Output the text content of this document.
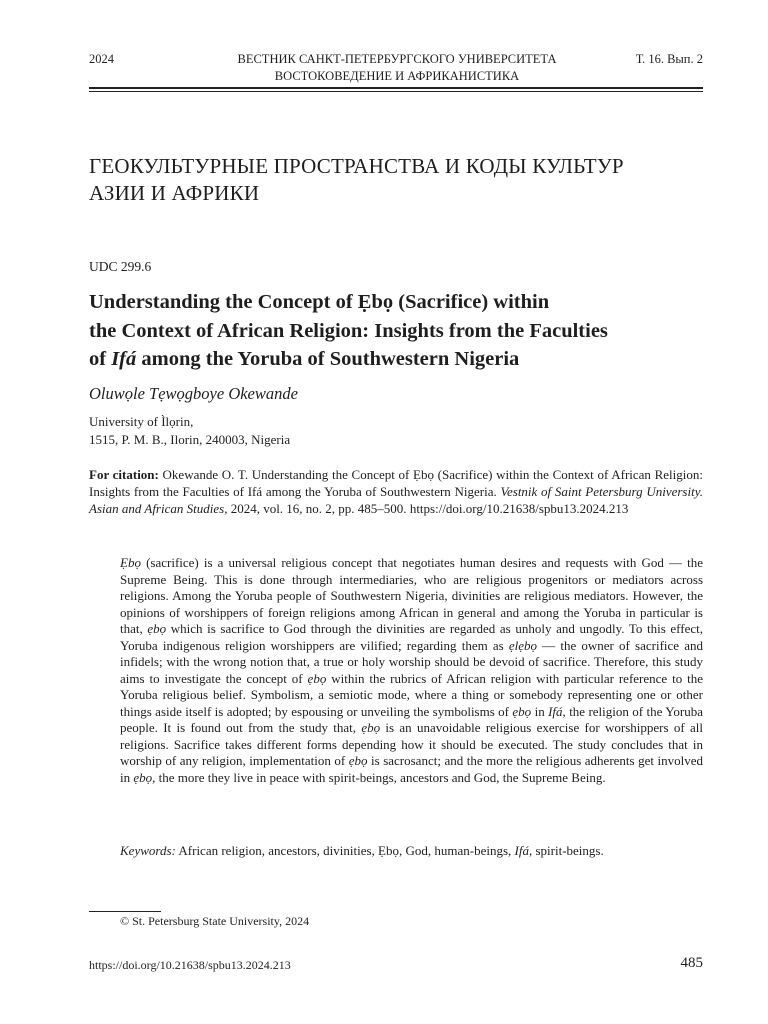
2024	ВЕСТНИК САНКТ-ПЕТЕРБУРГСКОГО УНИВЕРСИТЕТА
ВОСТОКОВЕДЕНИЕ И АФРИКАНИСТИКА
Т. 16. Вып. 2
ГЕОКУЛЬТУРНЫЕ ПРОСТРАНСТВА И КОДЫ КУЛЬТУР
АЗИИ И АФРИКИ
UDC 299.6
Understanding the Concept of Ẹbọ (Sacrifice) within
the Context of African Religion: Insights from the Faculties
of Ifá among the Yoruba of Southwestern Nigeria
Oluwọle Tẹwọgboye Okewande
University of Ìlọrin,
1515, P. M. B., Ilorin, 240003, Nigeria
For citation: Okewande O. T. Understanding the Concept of Ẹbọ (Sacrifice) within the Context of African Religion: Insights from the Faculties of Ifá among the Yoruba of Southwestern Nigeria. Vestnik of Saint Petersburg University. Asian and African Studies, 2024, vol. 16, no. 2, pp. 485–500. https://doi.org/10.21638/spbu13.2024.213
Ẹbọ (sacrifice) is a universal religious concept that negotiates human desires and requests with God — the Supreme Being. This is done through intermediaries, who are religious progenitors or mediators across religions. Among the Yoruba people of Southwestern Nigeria, divinities are religious mediators. However, the opinions of worshippers of foreign religions among African in general and among the Yoruba in particular is that, ẹbọ which is sacrifice to God through the divinities are regarded as unholy and ungodly. To this effect, Yoruba indigenous religion worshippers are vilified; regarding them as ẹlẹbọ — the owner of sacrifice and infidels; with the wrong notion that, a true or holy worship should be devoid of sacrifice. Therefore, this study aims to investigate the concept of ẹbọ within the rubrics of African religion with particular reference to the Yoruba religious belief. Symbolism, a semiotic mode, where a thing or somebody representing one or other things aside itself is adopted; by espousing or unveiling the symbolisms of ẹbọ in Ifá, the religion of the Yoruba people. It is found out from the study that, ẹbọ is an unavoidable religious exercise for worshippers of all religions. Sacrifice takes different forms depending how it should be executed. The study concludes that in worship of any religion, implementation of ẹbọ is sacrosanct; and the more the religious adherents get involved in ẹbọ, the more they live in peace with spirit-beings, ancestors and God, the Supreme Being.
Keywords: African religion, ancestors, divinities, Ẹbọ, God, human-beings, Ifá, spirit-beings.
© St. Petersburg State University, 2024
https://doi.org/10.21638/spbu13.2024.213	485
